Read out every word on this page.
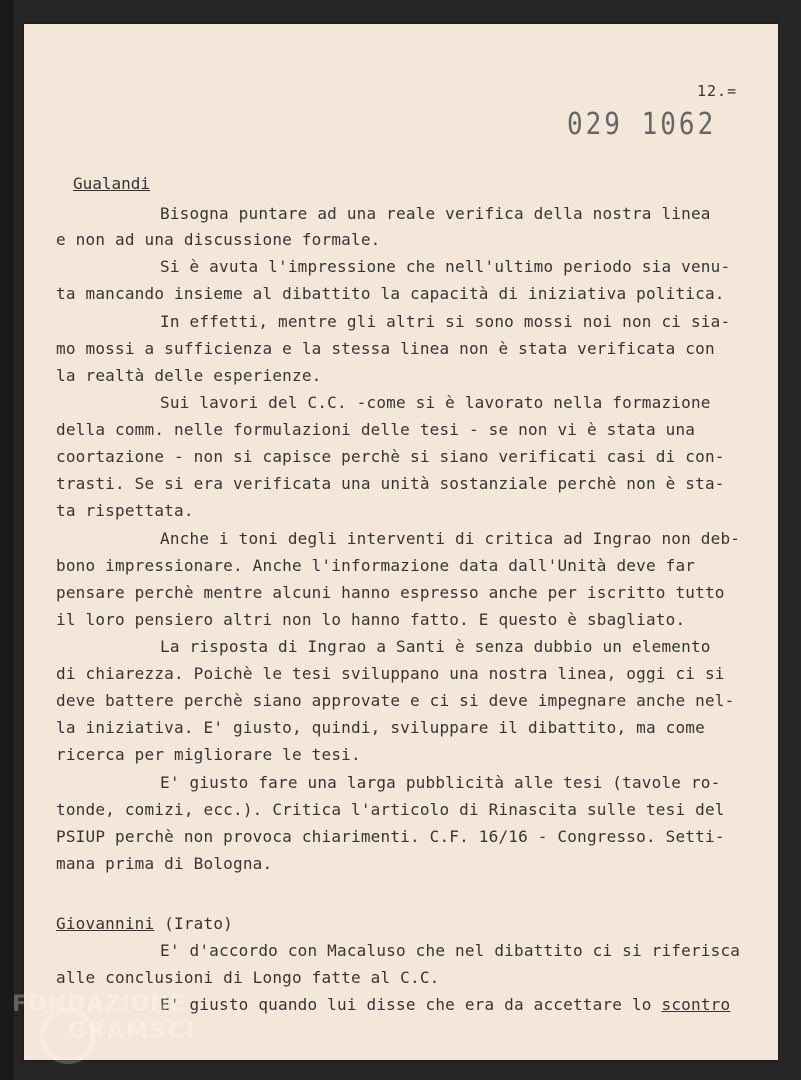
12.=
029 1062
Gualandi
Bisogna puntare ad una reale verifica della nostra linea
e non ad una discussione formale.
Si è avuta l'impressione che nell'ultimo periodo sia venu-
ta mancando insieme al dibattito la capacità di iniziativa politica.
In effetti, mentre gli altri si sono mossi noi non ci sia-
mo mossi a sufficienza e la stessa linea non è stata verificata con
la realtà delle esperienze.
Sui lavori del C.C. -come si è lavorato nella formazione
della comm. nelle formulazioni delle tesi - se non vi è stata una
coortazione - non si capisce perchè si siano verificati casi di con-
trasti. Se si era verificata una unità sostanziale perchè non è sta-
ta rispettata.
Anche i toni degli interventi di critica ad Ingrao non deb-
bono impressionare. Anche l'informazione data dall'Unità deve far
pensare perchè mentre alcuni hanno espresso anche per iscritto tutto
il loro pensiero altri non lo hanno fatto. E questo è sbagliato.
La risposta di Ingrao a Santi è senza dubbio un elemento
di chiarezza. Poichè le tesi sviluppano una nostra linea, oggi ci si
deve battere perchè siano approvate e ci si deve impegnare anche nel-
la iniziativa. E' giusto, quindi, sviluppare il dibattito, ma come
ricerca per migliorare le tesi.
E' giusto fare una larga pubblicità alle tesi (tavole ro-
tonde, comizi, ecc.). Critica l'articolo di Rinascita sulle tesi del
PSIUP perchè non provoca chiarimenti. C.F. 16/16 - Congresso. Setti-
mana prima di Bologna.
Giovannini (Irato)
E' d'accordo con Macaluso che nel dibattito ci si riferisca
alle conclusioni di Longo fatte al C.C.
E' giusto quando lui disse che era da accettare lo scontro
FONDAZIONE
GRAMSCI
